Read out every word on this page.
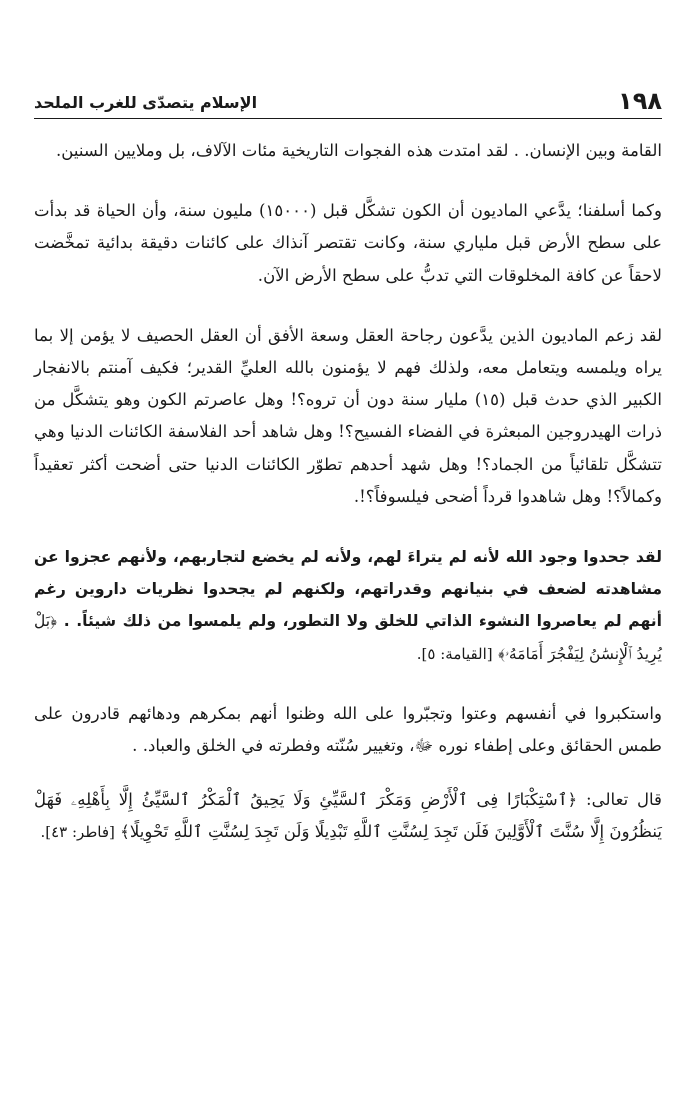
١٩٨
الإسلام يتصدّى للغرب الملحد

القامة وبين الإنسان. . لقد امتدت هذه الفجوات التاريخية مئات الآلاف، بل وملايين السنين.

وكما أسلفنا؛ يدَّعي الماديون أن الكون تشكَّل قبل (١٥٠٠٠) مليون سنة، وأن الحياة قد بدأت على سطح الأرض قبل ملياري سنة، وكانت تقتصر آنذاك على كائنات دقيقة بدائية تمخَّضت لاحقاً عن كافة المخلوقات التي تدبُّ على سطح الأرض الآن.

لقد زعم الماديون الذين يدَّعون رجاحة العقل وسعة الأفق أن العقل الحصيف لا يؤمن إلا بما يراه ويلمسه ويتعامل معه، ولذلك فهم لا يؤمنون بالله العليِّ القدير؛ فكيف آمنتم بالانفجار الكبير الذي حدث قبل (١٥) مليار سنة دون أن تروه؟! وهل عاصرتم الكون وهو يتشكَّل من ذرات الهيدروجين المبعثرة في الفضاء الفسيح؟! وهل شاهد أحد الفلاسفة الكائنات الدنيا وهي تتشكَّل تلقائياً من الجماد؟! وهل شهد أحدهم تطوّر الكائنات الدنيا حتى أضحت أكثر تعقيداً وكمالاً؟! وهل شاهدوا قرداً أضحى فيلسوفاً؟!.

لقد جحدوا وجود الله لأنه لم يتراءَ لهم، ولأنه لم يخضع لتجاربهم، ولأنهم عجزوا عن مشاهدته لضعف في بنيانهم وقدراتهم، ولكنهم لم يجحدوا نظريات داروين رغم أنهم لم يعاصروا النشوء الذاتي للخلق ولا التطور، ولم يلمسوا من ذلك شيئاً. . ﴿بَلْ يُرِيدُ ٱلْإِنسَٰنُ لِيَفْجُرَ أَمَامَهُۥ﴾ [القيامة: ٥].

واستكبروا في أنفسهم وعتوا وتجبّروا على الله وظنوا أنهم بمكرهم ودهائهم قادرون على طمس الحقائق وعلى إطفاء نوره ﷻ، وتغيير سُنّته وفطرته في الخلق والعباد. .

قال تعالى: ﴿ٱسْتِكْبَارًا فِى ٱلْأَرْضِ وَمَكْرَ ٱلسَّيِّئِ وَلَا يَحِيقُ ٱلْمَكْرُ ٱلسَّيِّئُ إِلَّا بِأَهْلِهِۦ فَهَلْ يَنظُرُونَ إِلَّا سُنَّتَ ٱلْأَوَّلِينَ فَلَن تَجِدَ لِسُنَّتِ ٱللَّهِ تَبْدِيلًا وَلَن تَجِدَ لِسُنَّتِ ٱللَّهِ تَحْوِيلًا﴾ [فاطر: ٤٣].
